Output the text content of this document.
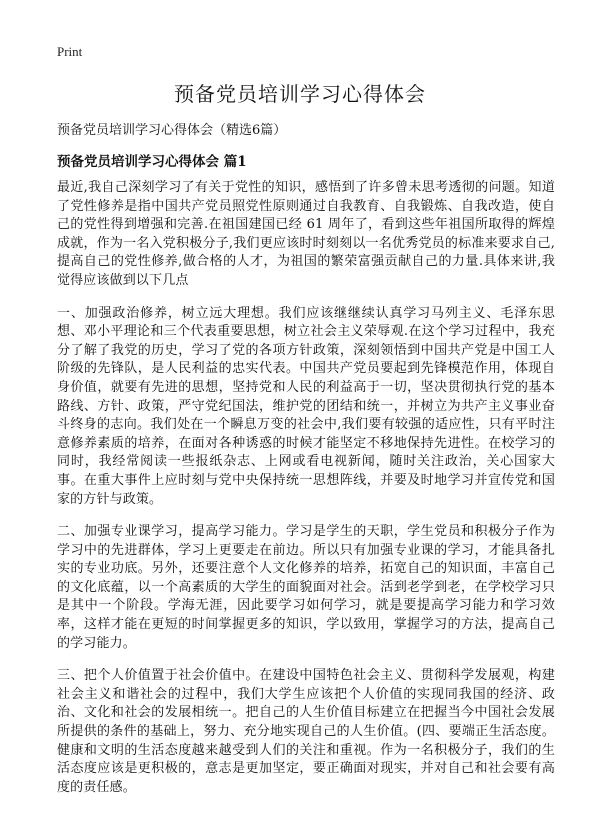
Print
预备党员培训学习心得体会

预备党员培训学习心得体会（精选6篇）

预备党员培训学习心得体会 篇1

最近,我自己深刻学习了有关于党性的知识，感悟到了许多曾未思考透彻的问题。知道了党性修养是指中国共产党员照党性原则通过自我教育、自我锻炼、自我改造，使自己的党性得到增强和完善.在祖国建国已经 61 周年了，看到这些年祖国所取得的辉煌成就，作为一名入党积极分子,我们更应该时时刻刻以一名优秀党员的标准来要求自己,提高自己的党性修养,做合格的人才，为祖国的繁荣富强贡献自己的力量.具体来讲,我觉得应该做到以下几点

一、加强政治修养，树立远大理想。我们应该继继续认真学习马列主义、毛泽东思想、邓小平理论和三个代表重要思想，树立社会主义荣辱观.在这个学习过程中，我充分了解了我党的历史，学习了党的各项方针政策，深刻领悟到中国共产党是中国工人阶级的先锋队，是人民利益的忠实代表。中国共产党员要起到先锋模范作用，体现自身价值，就要有先进的思想，坚持党和人民的利益高于一切，坚决贯彻执行党的基本路线、方针、政策，严守党纪国法，维护党的团结和统一，并树立为共产主义事业奋斗终身的志向。我们处在一个瞬息万变的社会中,我们要有较强的适应性，只有平时注意修养素质的培养，在面对各种诱惑的时候才能坚定不移地保持先进性。在校学习的同时，我经常阅读一些报纸杂志、上网或看电视新闻，随时关注政治，关心国家大事。在重大事件上应时刻与党中央保持统一思想阵线，并要及时地学习并宣传党和国家的方针与政策。

二、加强专业课学习，提高学习能力。学习是学生的天职，学生党员和积极分子作为学习中的先进群体，学习上更要走在前边。所以只有加强专业课的学习，才能具备扎实的专业功底。另外，还要注意个人文化修养的培养，拓宽自己的知识面，丰富自己的文化底蕴，以一个高素质的大学生的面貌面对社会。活到老学到老，在学校学习只是其中一个阶段。学海无涯，因此要学习如何学习，就是要提高学习能力和学习效率，这样才能在更短的时间掌握更多的知识，学以致用，掌握学习的方法，提高自己的学习能力。

三、把个人价值置于社会价值中。在建设中国特色社会主义、贯彻科学发展观，构建社会主义和谐社会的过程中，我们大学生应该把个人价值的实现同我国的经济、政治、文化和社会的发展相统一。把自己的人生价值目标建立在把握当今中国社会发展所提供的条件的基础上，努力、充分地实现自己的人生价值。(四、要端正生活态度。健康和文明的生活态度越来越受到人们的关注和重视。作为一名积极分子，我们的生活态度应该是更积极的，意志是更加坚定，要正确面对现实，并对自己和社会要有高度的责任感。
